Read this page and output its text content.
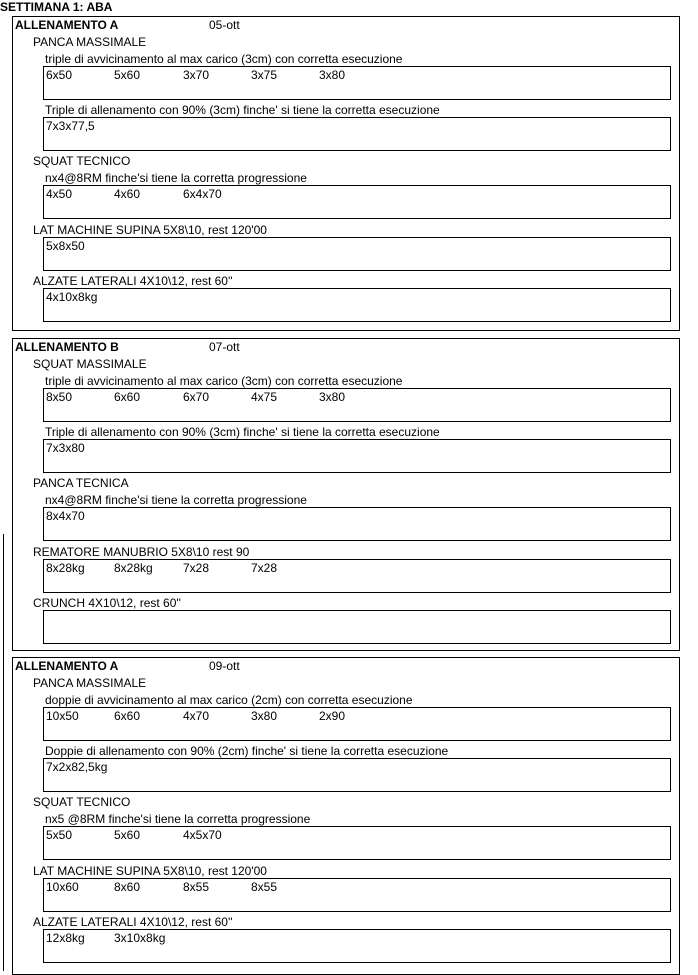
SETTIMANA 1: ABA
ALLENAMENTO A	05-ott
PANCA MASSIMALE
triple di avvicinamento al max carico (3cm) con corretta esecuzione
6x50	5x60	3x70	3x75	3x80
Triple di allenamento con 90% (3cm) finche' si tiene la corretta esecuzione
7x3x77,5
SQUAT TECNICO
nx4@8RM finche'si tiene la corretta progressione
4x50	4x60	6x4x70
LAT MACHINE SUPINA 5X8\10, rest 120'00
5x8x50
ALZATE LATERALI 4X10\12, rest 60''
4x10x8kg
ALLENAMENTO B	07-ott
SQUAT MASSIMALE
triple di avvicinamento al max carico (3cm) con corretta esecuzione
8x50	6x60	6x70	4x75	3x80
Triple di allenamento con 90% (3cm) finche' si tiene la corretta esecuzione
7x3x80
PANCA TECNICA
nx4@8RM finche'si tiene la corretta progressione
8x4x70
REMATORE MANUBRIO 5X8\10 rest 90
8x28kg 8x28kg	7x28	7x28
CRUNCH 4X10\12, rest 60''
ALLENAMENTO A	09-ott
PANCA MASSIMALE
doppie di avvicinamento al max carico (2cm) con corretta esecuzione
10x50	6x60	4x70	3x80	2x90
Doppie di allenamento con 90% (2cm) finche' si tiene la corretta esecuzione
7x2x82,5kg
SQUAT TECNICO
nx5 @8RM finche'si tiene la corretta progressione
5x50	5x60	4x5x70
LAT MACHINE SUPINA 5X8\10, rest 120'00
10x60	8x60	8x55	8x55
ALZATE LATERALI 4X10\12, rest 60''
12x8kg 3x10x8kg
